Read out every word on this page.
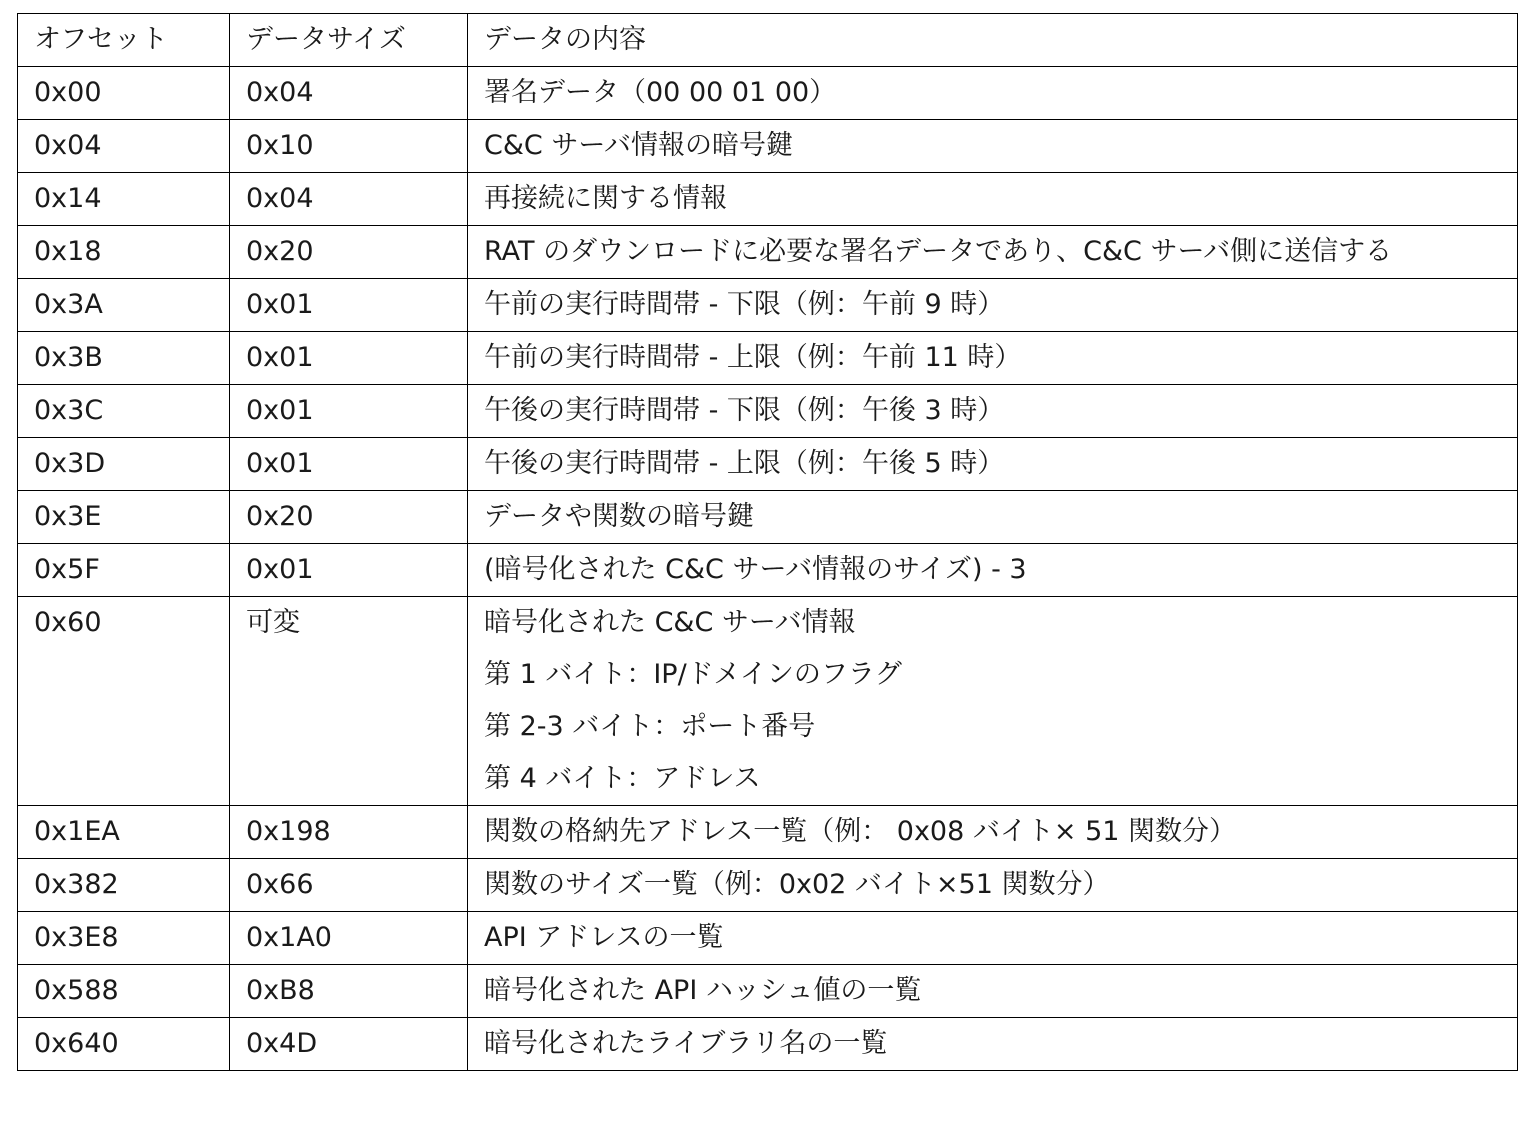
オフセット	データサイズ	データの内容
0x00	0x04	署名データ（00 00 01 00）

0x04	0x10	C&C サーバ情報の暗号鍵

0x14	0x04	再接続に関する情報

0x18	0x20	RAT のダウンロードに必要な署名データであり、C&C サーバ側に送信する

0x3A	0x01	午前の実行時間帯 - 下限（例：午前 9 時）

0x3B	0x01	午前の実行時間帯 - 上限（例：午前 11 時）

0x3C	0x01	午後の実行時間帯 - 下限（例：午後 3 時）

0x3D	0x01	午後の実行時間帯 - 上限（例：午後 5 時）

0x3E	0x20	データや関数の暗号鍵

0x5F	0x01	(暗号化された C&C サーバ情報のサイズ) - 3

0x60	可変	暗号化された C&C サーバ情報
第 1 バイト：IP/ドメインのフラグ
第 2-3 バイト：ポート番号
第 4 バイト：アドレス

0x1EA	0x198	関数の格納先アドレス一覧（例： 0x08 バイト× 51 関数分）

0x382	0x66	関数のサイズ一覧（例：0x02 バイト×51 関数分）

0x3E8	0x1A0	API アドレスの一覧

0x588	0xB8	暗号化された API ハッシュ値の一覧

0x640	0x4D	暗号化されたライブラリ名の一覧
